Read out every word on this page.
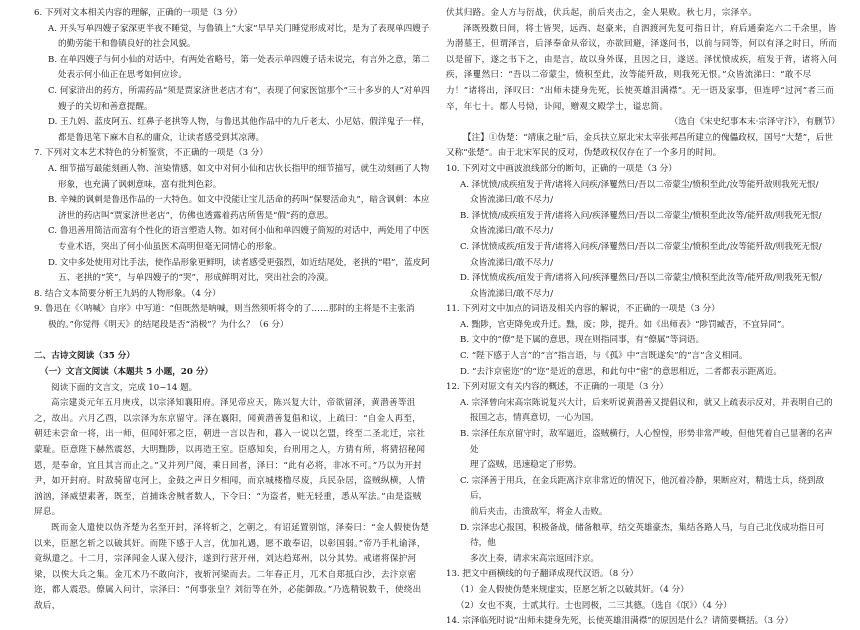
6. 下列对文本相关内容的理解，正确的一项是（3 分）

A. 开头写单四嫂子家深更半夜不睡觉，与鲁镇上“大家”早早关门睡觉形成对比，是为了表现单四嫂子的勤劳能干和鲁镇良好的社会风貌。

B. 在单四嫂子与何小仙的对话中，有两处省略号，第一处表示单四嫂子话未说完，有言外之意，第二处表示何小仙正在思考如何应诊。

C. 何家浒出的药方，所需药品“须是贾家济世老店才有”，表现了何家医馆那个“三十多岁的人”对单四嫂子的关切和善意提醒。

D. 王九妈、蓝皮阿五、红鼻子老拱等人物，与鲁迅其他作品中的九斤老太、小尼姑、假洋鬼子一样，都是鲁迅笔下麻木自私的庸众，让读者感受到其凉薄。

7. 下列对文本艺术特色的分析鉴赏，不正确的一项是（3 分）

A. 细节描写最能刻画人物、渲染情感，如文中对何小仙和店伙长指甲的细节描写，就生动刻画了人物形象，也充满了讽刺意味，富有批判色彩。

B. 辛辣的讽刺是鲁迅作品的一大特色。如文中没能让宝儿活命的药叫“保婴活命丸”，暗含讽刺：本应济世的药店叫“贾家济世老店”，仿佛也透露着药店所售是“假”药的意思。

C. 鲁迅善用简洁而富有个性化的语言塑造人物。如对何小仙和单四嫂子简短的对话中，两处用了中医专业术语，突出了何小仙虽医术高明但毫无同情心的形象。

D. 文中多处使用对比手法，使作品形象更鲜明，读者感受更强烈，如近结尾处，老拱的“唱”，蓝皮阿五、老拱的“笑”，与单四嫂子的“哭”，形成鲜明对比，突出社会的冷漠。

8. 结合文本简要分析王九妈的人物形象。（4 分）

9. 鲁迅在《〈呐喊〉自序》中写道：“但既然是呐喊，则当然须听将令的了……那时的主将是不主张消

极的。”你觉得《明天》的结尾段是否“消极”？为什么？（6 分）

二、古诗文阅读（35 分）

（一）文言文阅读（本题共 5 小题，20 分）

阅读下面的文言文，完成 10~14 题。

高宗建炎元年五月庚戌，以宗泽知襄阳府。泽见帝应天，陈兴复大计，帝欲留泽，黄潜善等沮之，故出。六月乙酉，以宗泽为东京留守。泽在襄阳，闻黄潜善复倡和议，上疏曰：“自金人再至，朝廷未尝命一将，出一师，但闻奸邪之臣，朝进一言以告和，暮入一说以乞盟，终至二圣北迁，宗社蒙耻。臣意陛下赫然震怒，大明黜陟，以再造王室。臣感知矣，台刑用之人，方猜有所，将猜招秘闻恩，是奉命，宜且其言而止之。”又并列尸阅，乘日回者，泽曰：“此有必将，非冰不可。”乃以为开封尹，如开封府。时敌骑留屯河上，金鼓之声日夕相闻，而京城楼橹尽废，兵民杂居，盗贼纵横，人情汹汹，泽威望素著，既至，首捕诛舍贼者数人，下令曰：“为盗者，赃无轻重，悉从军法。”由是盗贼屏息。

既而金人遣使以伪齐楚为名至开封，泽将斩之，乞朝之，有诏延置别馆，泽奏曰：“金人假使伪楚以来，臣愿乞斩之以破其奸。而陛下感于人言，优加礼遇，愿不敢奉诏，以彰国弱。”帝乃手札谕泽，竟纵遣之。十二月，宗泽闻金人谋入侵汴，遂到行营开州，刘达趋郑州，以分其势。戒诸将保护河梁，以俟大兵之集。金兀术乃不敢向汴，夜斩河梁而去。二年春正月，兀术自郑抵白沙，去汴京密迩，都人震恐。僚属入问计，宗泽曰：“何事张皇？刘衍等在外，必能御敌。”乃选精锐数千，使绕出敌后，

伏其归路。金人方与衍战，伏兵起，前后夹击之，金人果败。秋七月，宗泽卒。

泽既殁数日间，将士皆哭，远西、赵豪来，自泗渡河先复可指日计，府后通秦迄六二千余里，皆为潜墓王，但谓泽言，后泽奉命从帝议，亦欲回避，泽遂问书，以前与同等，何以有泽之时日，所而以是留下，遂之书下之，由是言，故以身外谋，且因之日，遂送。泽忧愤成疾，疽发于背，诸将入问疾，泽矍然曰：“吾以二帝蒙尘，愤积至此，汝等能歼敌，则我死无恨。”众皆流涕曰：“敢不尽力！”诸将出，泽叹曰：“出师未捷身先死，长使英雄泪满襟”。无一语及家事，但连呼“过河”者三而卒，年七十。都人号恸，讣闻，赠观文殿学士，谥忠简。

（选自《宋史纪事本末·宗泽守汴》，有删节）

【注】①伪楚：“靖康之耻”后，金兵扶立原北宋太宰张邦昌所建立的傀儡政权，国号“大楚”，后世又称“张楚”。由于北宋军民的反对，伪楚政权仅存在了一个多月的时间。

10. 下列对文中画波浪线部分的断句，正确的一项是（3 分）

A. 泽忧愤/成疾疽发于背/诸将入问疾/泽矍然曰/吾以二帝蒙尘/愤积至此/汝等能歼敌则我死无恨/

众皆流涕曰/敢不尽力/

B. 泽忧愤/成疾疽发于背/诸将入问/疾泽矍然曰/吾以二帝蒙尘/愤积至此汝等/能歼敌/则我死无恨/

众皆流涕曰/敢不尽力/

C. 泽忧愤成疾/疽发于背/诸将入问疾/泽矍然曰/吾以二帝蒙尘/愤积至此/汝等能歼敌/则我死无恨/

众皆流涕曰/敢不尽力/

D. 泽忧愤成疾/疽发于背/诸将入问/疾泽矍然曰/吾以二帝蒙尘/愤积至此汝等/能歼敌/则我死无恨/

众皆流涕曰/敢不尽力/

11. 下列对文中加点的词语及相关内容的解说，不正确的一项是（3 分）

A. 黜陟，官吏降免或升迁。黜，废；陟，提升。如《出师表》“陟罚臧否，不宜异同”。

B. 文中的“僚”是下属的意思，现在则指同事，有“僚属”等词语。

C. “陛下感于人言”的“言”指言语，与《孤》中“言既遂矣”的“言”含义相同。

D. “去汴京密迩”的“迩”是近的意思，和此句中“密”的意思相近，二者都表示距离近。

12. 下列对原文有关内容的概述，不正确的一项是（3 分）

A. 宗泽曾向宋高宗陈说复兴大计，后来听说黄潜善又提倡议和，就又上疏表示反对，并表明自己的

报国之志，情真意切，一心为国。

B. 宗泽任东京留守时，敌军逼近，盗贼横行，人心惶惶，形势非常严峻，但他凭着自己显著的名声处

理了盗贼，迅速稳定了形势。

C. 宗泽善于用兵，在金兵距离汴京非常近的情况下，他沉着冷静，果断应对，精选士兵，绕到敌后，

前后夹击，击溃敌军，将金人击败。

D. 宗泽忠心报国，积极备战，储备粮草，结交英雄豪杰，集结各路人马，与自己北伐成功指日可待，他

多次上奏，请求宋高宗返回汴京。

13. 把文中画横线的句子翻译成现代汉语。（8 分）

（1）金人假使伪楚来规虚实，臣愿乞斩之以破其奸。（4 分）

（2）女也不爽，士贰其行。士也罔极，二三其德。（选自《氓》）（4 分）

14. 宗泽临死时说“出师未捷身先死，长使英雄泪满襟”的原因是什么？请简要概括。（3 分）
